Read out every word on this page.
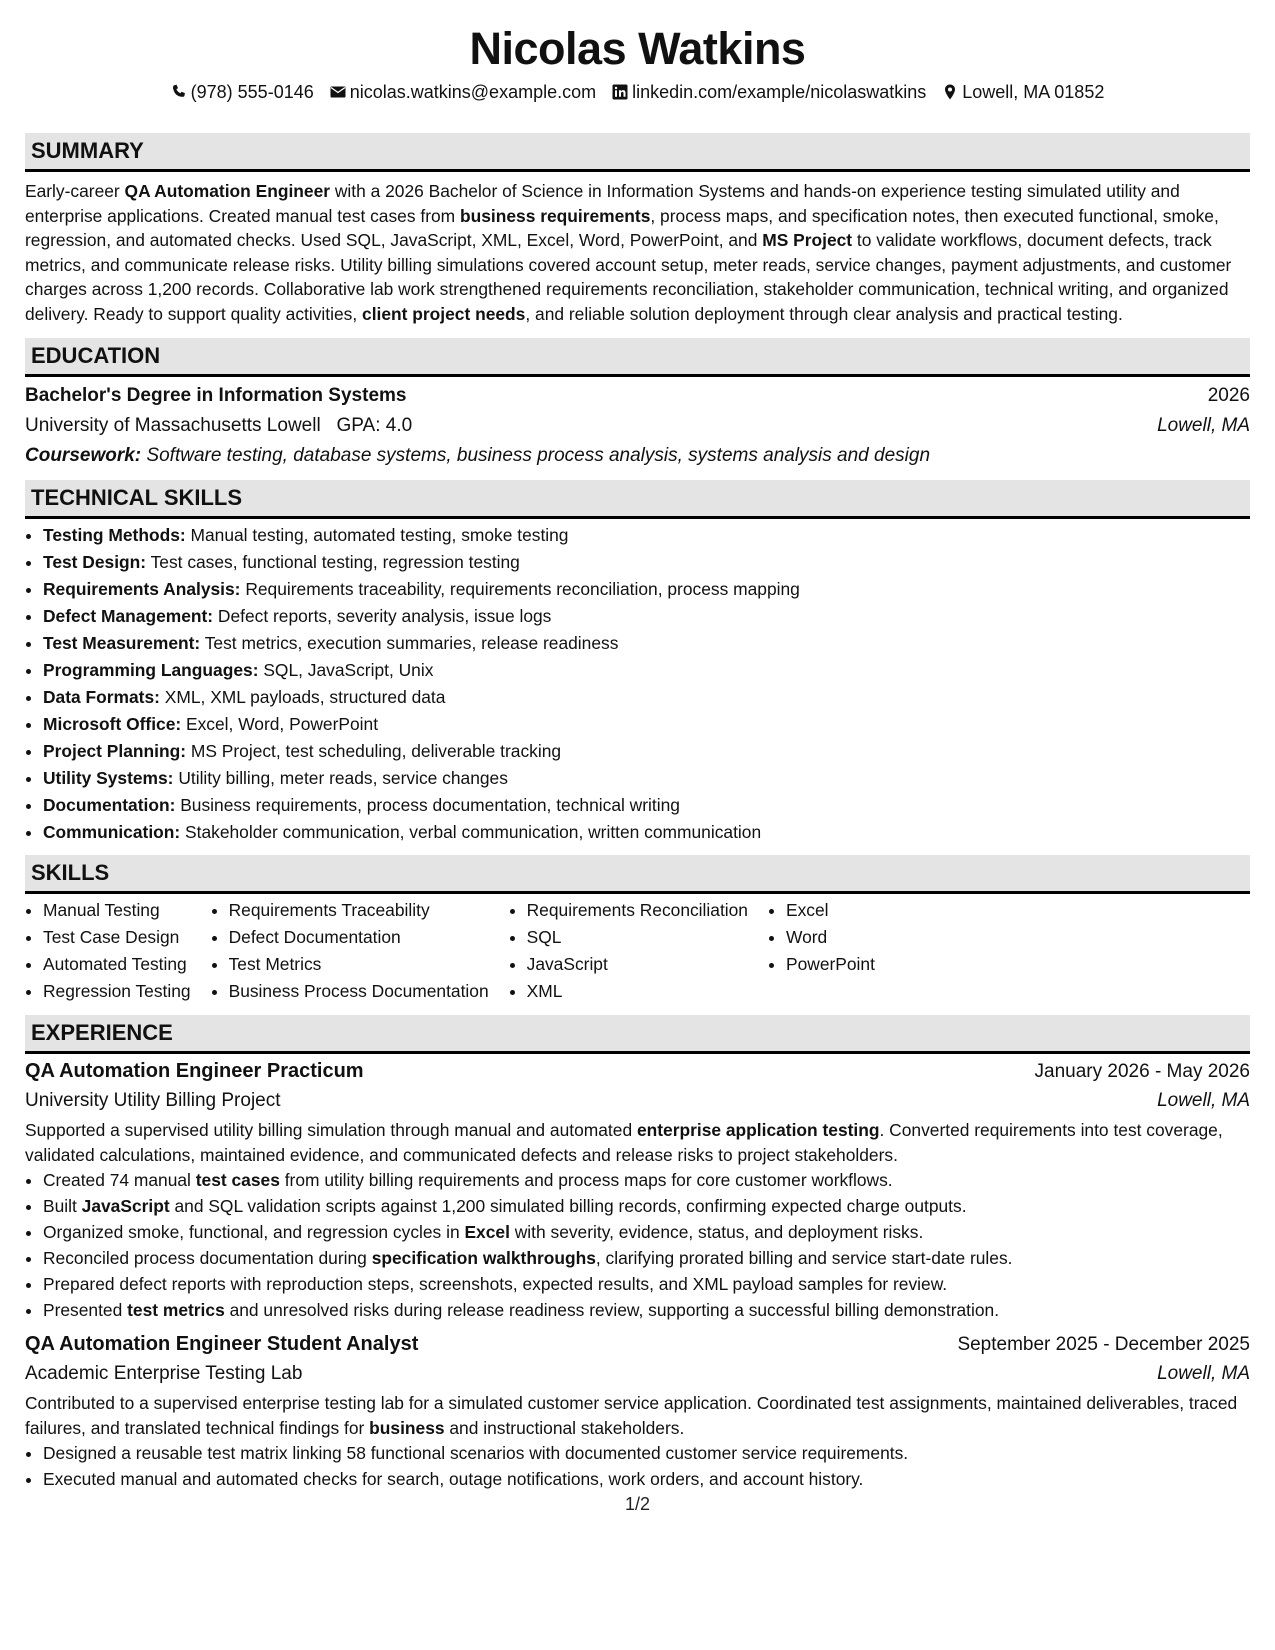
Nicolas Watkins
(978) 555-0146 nicolas.watkins@example.com linkedin.com/example/nicolaswatkins Lowell, MA 01852
SUMMARY

Early-career QA Automation Engineer with a 2026 Bachelor of Science in Information Systems and hands-on experience testing simulated utility and enterprise applications. Created manual test cases from business requirements, process maps, and specification notes, then executed functional, smoke, regression, and automated checks. Used SQL, JavaScript, XML, Excel, Word, PowerPoint, and MS Project to validate workflows, document defects, track metrics, and communicate release risks. Utility billing simulations covered account setup, meter reads, service changes, payment adjustments, and customer charges across 1,200 records. Collaborative lab work strengthened requirements reconciliation, stakeholder communication, technical writing, and organized delivery. Ready to support quality activities, client project needs, and reliable solution deployment through clear analysis and practical testing.

EDUCATION
Bachelor's Degree in Information Systems	2026
University of Massachusetts Lowell GPA: 4.0	Lowell, MA
Coursework: Software testing, database systems, business process analysis, systems analysis and design
TECHNICAL SKILLS
• Testing Methods: Manual testing, automated testing, smoke testing
• Test Design: Test cases, functional testing, regression testing
• Requirements Analysis: Requirements traceability, requirements reconciliation, process mapping
• Defect Management: Defect reports, severity analysis, issue logs
• Test Measurement: Test metrics, execution summaries, release readiness
• Programming Languages: SQL, JavaScript, Unix
• Data Formats: XML, XML payloads, structured data
• Microsoft Office: Excel, Word, PowerPoint
• Project Planning: MS Project, test scheduling, deliverable tracking
• Utility Systems: Utility billing, meter reads, service changes
• Documentation: Business requirements, process documentation, technical writing
• Communication: Stakeholder communication, verbal communication, written communication
SKILLS
• Manual Testing
• Test Case Design
• Automated Testing
• Regression Testing
• Requirements Traceability
• Defect Documentation
• Test Metrics
• Business Process Documentation
• Requirements Reconciliation
• SQL
• JavaScript
• XML
• Excel
• Word
• PowerPoint
EXPERIENCE
QA Automation Engineer Practicum	January 2026 - May 2026
University Utility Billing Project	Lowell, MA

Supported a supervised utility billing simulation through manual and automated enterprise application testing. Converted requirements into test coverage, validated calculations, maintained evidence, and communicated defects and release risks to project stakeholders.

• Created 74 manual test cases from utility billing requirements and process maps for core customer workflows.
• Built JavaScript and SQL validation scripts against 1,200 simulated billing records, confirming expected charge outputs.
• Organized smoke, functional, and regression cycles in Excel with severity, evidence, status, and deployment risks.
• Reconciled process documentation during specification walkthroughs, clarifying prorated billing and service start-date rules.
• Prepared defect reports with reproduction steps, screenshots, expected results, and XML payload samples for review.
• Presented test metrics and unresolved risks during release readiness review, supporting a successful billing demonstration.
QA Automation Engineer Student Analyst	September 2025 - December 2025
Academic Enterprise Testing Lab	Lowell, MA

Contributed to a supervised enterprise testing lab for a simulated customer service application. Coordinated test assignments, maintained deliverables, traced failures, and translated technical findings for business and instructional stakeholders.

• Designed a reusable test matrix linking 58 functional scenarios with documented customer service requirements.
• Executed manual and automated checks for search, outage notifications, work orders, and account history.
1/2
